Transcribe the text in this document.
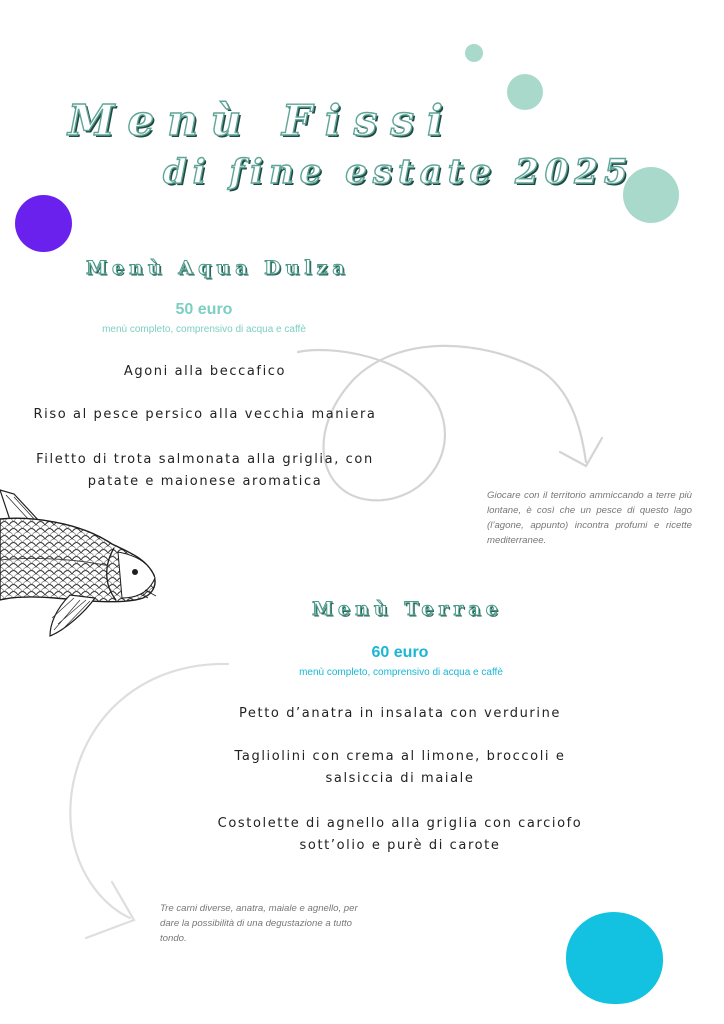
Menù Fissi
di fine estate 2025
Menù Aqua Dulza
50 euro
menù completo, comprensivo di acqua e caffè
Agoni alla beccafico
Riso al pesce persico alla vecchia maniera
Filetto di trota salmonata alla griglia, con patate e maionese aromatica
Giocare con il territorio ammiccando a terre più lontane, è così che un pesce di questo lago (l’agone, appunto) incontra profumi e ricette mediterranee.
Menù Terrae
60 euro
menù completo, comprensivo di acqua e caffè
Petto d’anatra in insalata con verdurine
Tagliolini con crema al limone, broccoli e salsiccia di maiale
Costolette di agnello alla griglia con carciofo sott’olio e purè di carote
Tre carni diverse, anatra, maiale e agnello, per dare la possibilità di una degustazione a tutto tondo.
